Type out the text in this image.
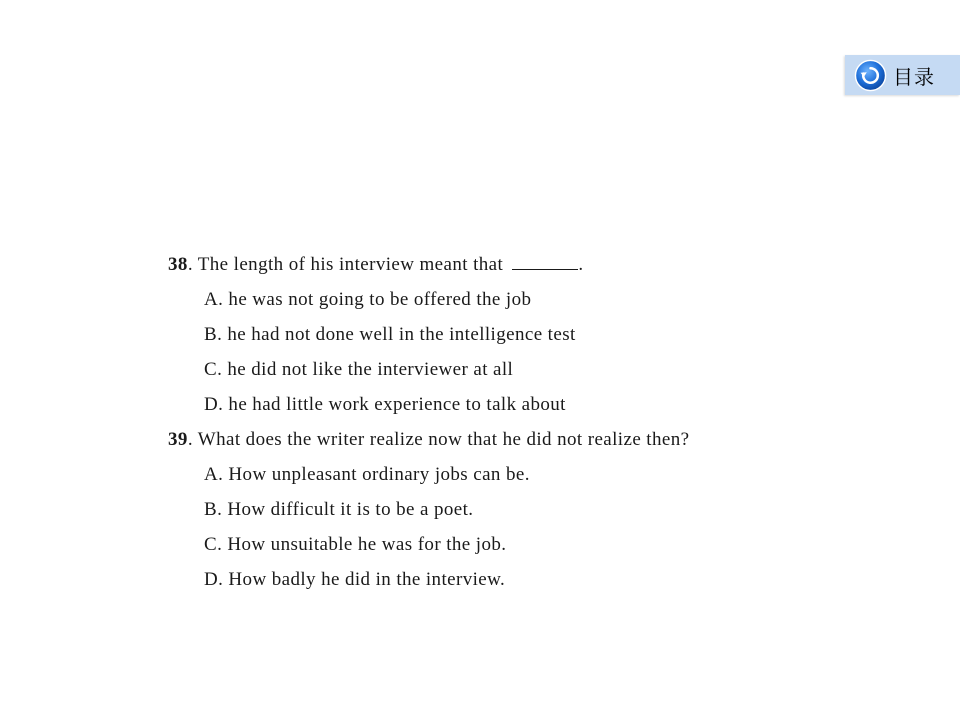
目录
38. The length of his interview meant that	.
A. he was not going to be offered the job
B. he had not done well in the intelligence test
C. he did not like the interviewer at all
D. he had little work experience to talk about
39. What does the writer realize now that he did not realize then?
A. How unpleasant ordinary jobs can be.
B. How difficult it is to be a poet.
C. How unsuitable he was for the job.
D. How badly he did in the interview.
